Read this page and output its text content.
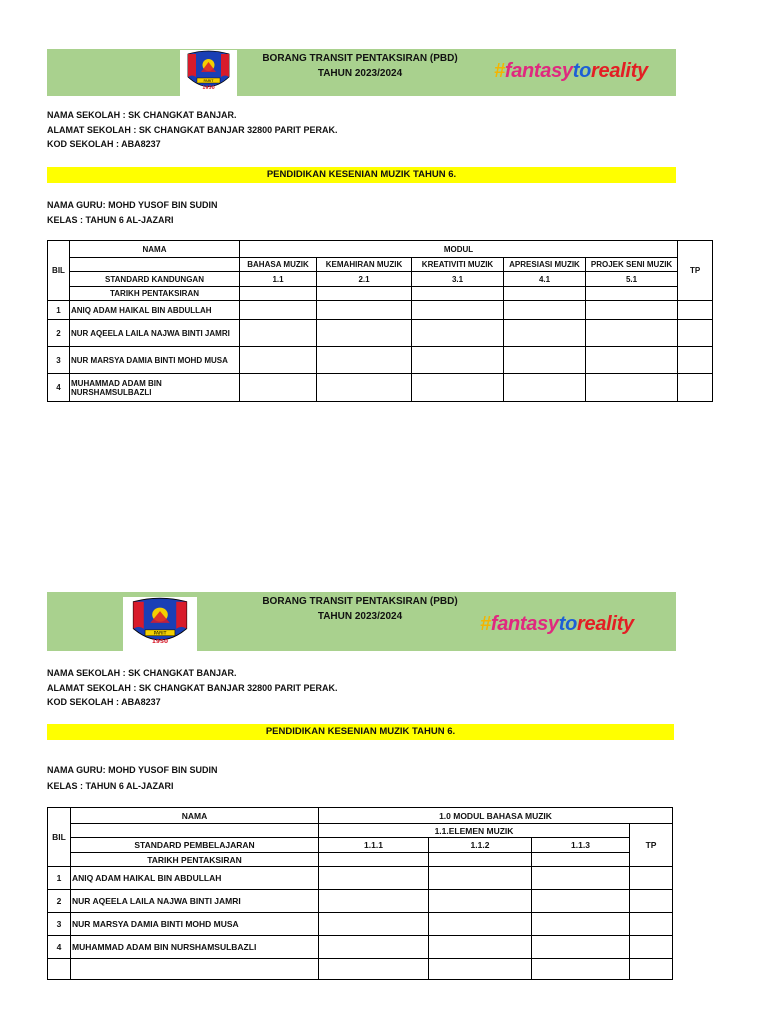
PARIT
1950
BORANG TRANSIT PENTAKSIRAN (PBD)
TAHUN 2023/2024	#fantasytoreality
NAMA SEKOLAH : SK CHANGKAT BANJAR.
ALAMAT SEKOLAH : SK CHANGKAT BANJAR 32800 PARIT PERAK.
KOD SEKOLAH : ABA8237
PENDIDIKAN KESENIAN MUZIK TAHUN 6.
NAMA GURU: MOHD YUSOF BIN SUDIN
KELAS : TAHUN 6 AL-JAZARI
BIL	NAMA	MODUL					TP
		BAHASA MUZIK	KEMAHIRAN MUZIK	KREATIVITI MUZIK	APRESIASI MUZIK	PROJEK SENI MUZIK	
	STANDARD KANDUNGAN	1.1	2.1	3.1	4.1	5.1	
	TARIKH PENTAKSIRAN						
1	ANIQ ADAM HAIKAL BIN ABDULLAH						
2	NUR AQEELA LAILA NAJWA BINTI JAMRI						
3	NUR MARSYA DAMIA BINTI MOHD MUSA						
4	MUHAMMAD ADAM BIN NURSHAMSULBAZLI						
PARIT
1950
BORANG TRANSIT PENTAKSIRAN (PBD)
TAHUN 2023/2024	#fantasytoreality
NAMA SEKOLAH : SK CHANGKAT BANJAR.
ALAMAT SEKOLAH : SK CHANGKAT BANJAR 32800 PARIT PERAK.
KOD SEKOLAH : ABA8237
PENDIDIKAN KESENIAN MUZIK TAHUN 6.
NAMA GURU: MOHD YUSOF BIN SUDIN
KELAS : TAHUN 6 AL-JAZARI
BIL	NAMA	1.0 MODUL BAHASA MUZIK			
		1.1.ELEMEN MUZIK			TP
	STANDARD PEMBELAJARAN	1.1.1	1.1.2	1.1.3	
	TARIKH PENTAKSIRAN				
1	ANIQ ADAM HAIKAL BIN ABDULLAH				
2	NUR AQEELA LAILA NAJWA BINTI JAMRI				
3	NUR MARSYA DAMIA BINTI MOHD MUSA				
4	MUHAMMAD ADAM BIN NURSHAMSULBAZLI				
